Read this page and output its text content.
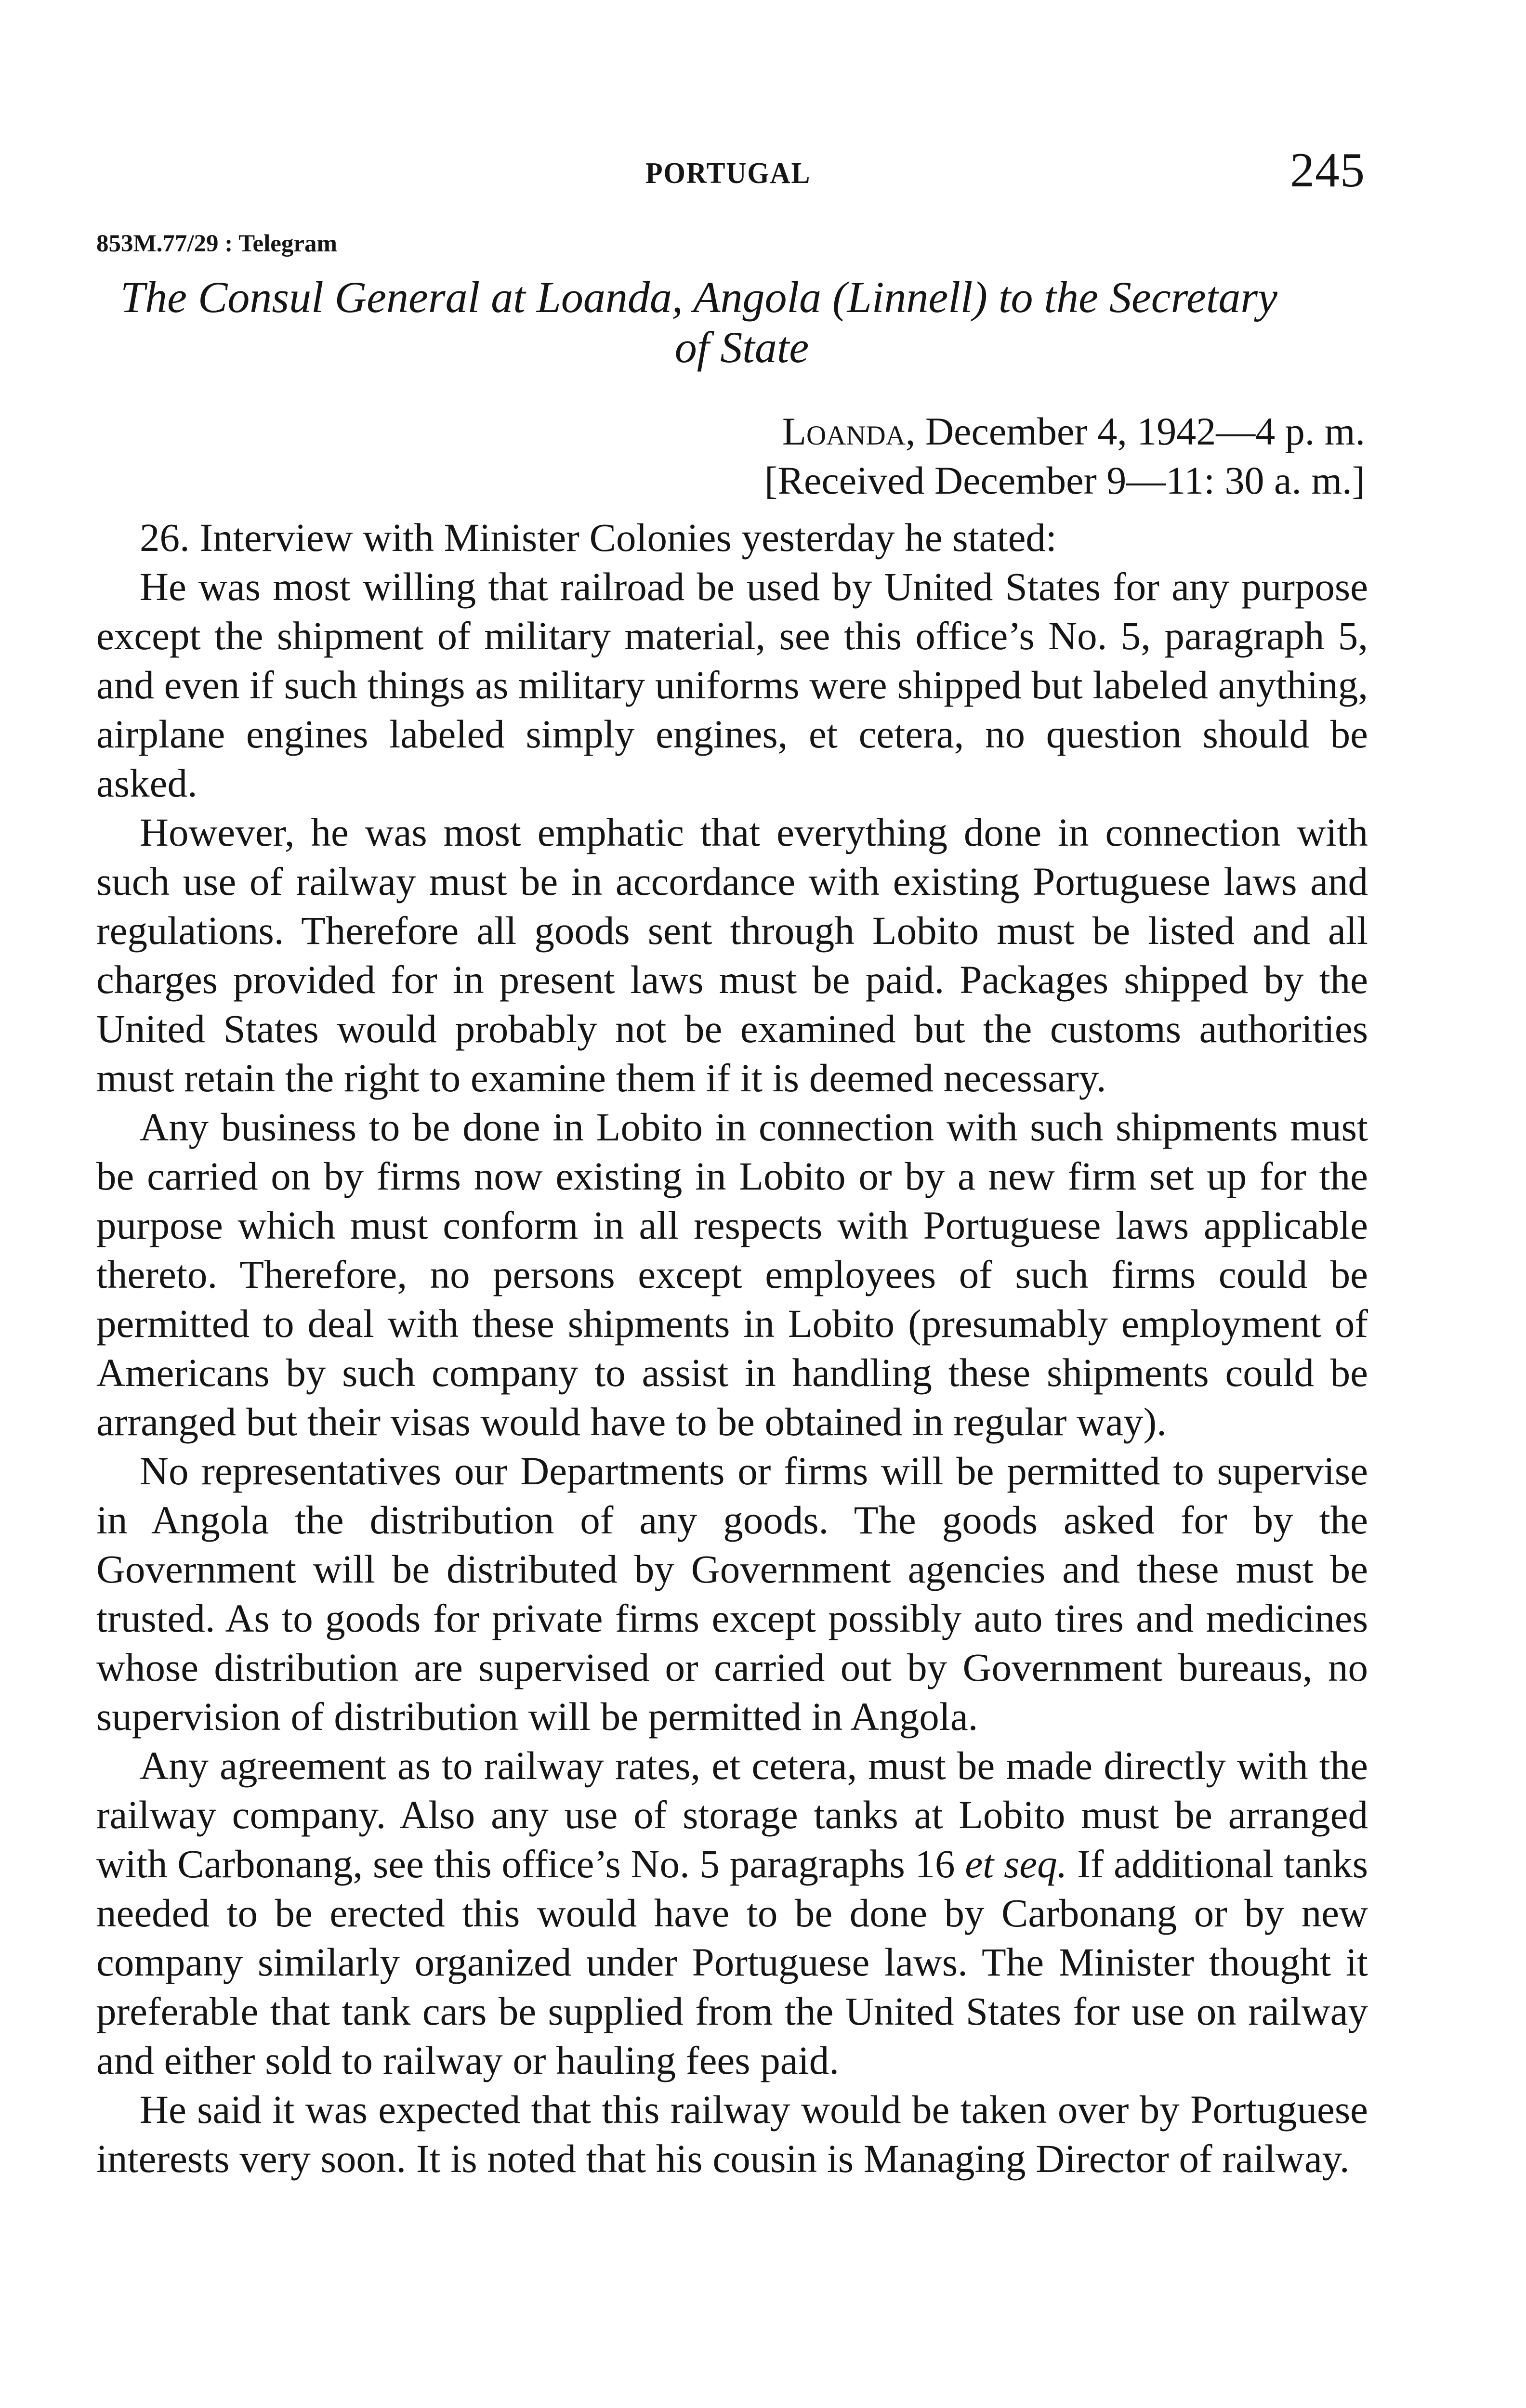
PORTUGAL	245
853M.77/29 : Telegram
The Consul General at Loanda, Angola (Linnell) to the Secretary
of State
Loanda, December 4, 1942—4 p. m.
[Received December 9—11: 30 a. m.]

26. Interview with Minister Colonies yesterday he stated:

He was most willing that railroad be used by United States for any purpose except the shipment of military material, see this office’s No. 5, paragraph 5, and even if such things as military uniforms were shipped but labeled anything, airplane engines labeled simply engines, et cetera, no question should be asked.

However, he was most emphatic that everything done in connection with such use of railway must be in accordance with existing Portuguese laws and regulations. Therefore all goods sent through Lobito must be listed and all charges provided for in present laws must be paid. Packages shipped by the United States would probably not be examined but the customs authorities must retain the right to examine them if it is deemed necessary.

Any business to be done in Lobito in connection with such shipments must be carried on by firms now existing in Lobito or by a new firm set up for the purpose which must conform in all respects with Portuguese laws applicable thereto. Therefore, no persons except employees of such firms could be permitted to deal with these shipments in Lobito (presumably employment of Americans by such company to assist in handling these shipments could be arranged but their visas would have to be obtained in regular way).

No representatives our Departments or firms will be permitted to supervise in Angola the distribution of any goods. The goods asked for by the Government will be distributed by Government agencies and these must be trusted. As to goods for private firms except possibly auto tires and medicines whose distribution are supervised or carried out by Government bureaus, no supervision of distribution will be permitted in Angola.

Any agreement as to railway rates, et cetera, must be made directly with the railway company. Also any use of storage tanks at Lobito must be arranged with Carbonang, see this office’s No. 5 paragraphs 16 et seq. If additional tanks needed to be erected this would have to be done by Carbonang or by new company similarly organized under Portuguese laws. The Minister thought it preferable that tank cars be supplied from the United States for use on railway and either sold to railway or hauling fees paid.

He said it was expected that this railway would be taken over by Portuguese interests very soon. It is noted that his cousin is Managing Director of railway.
